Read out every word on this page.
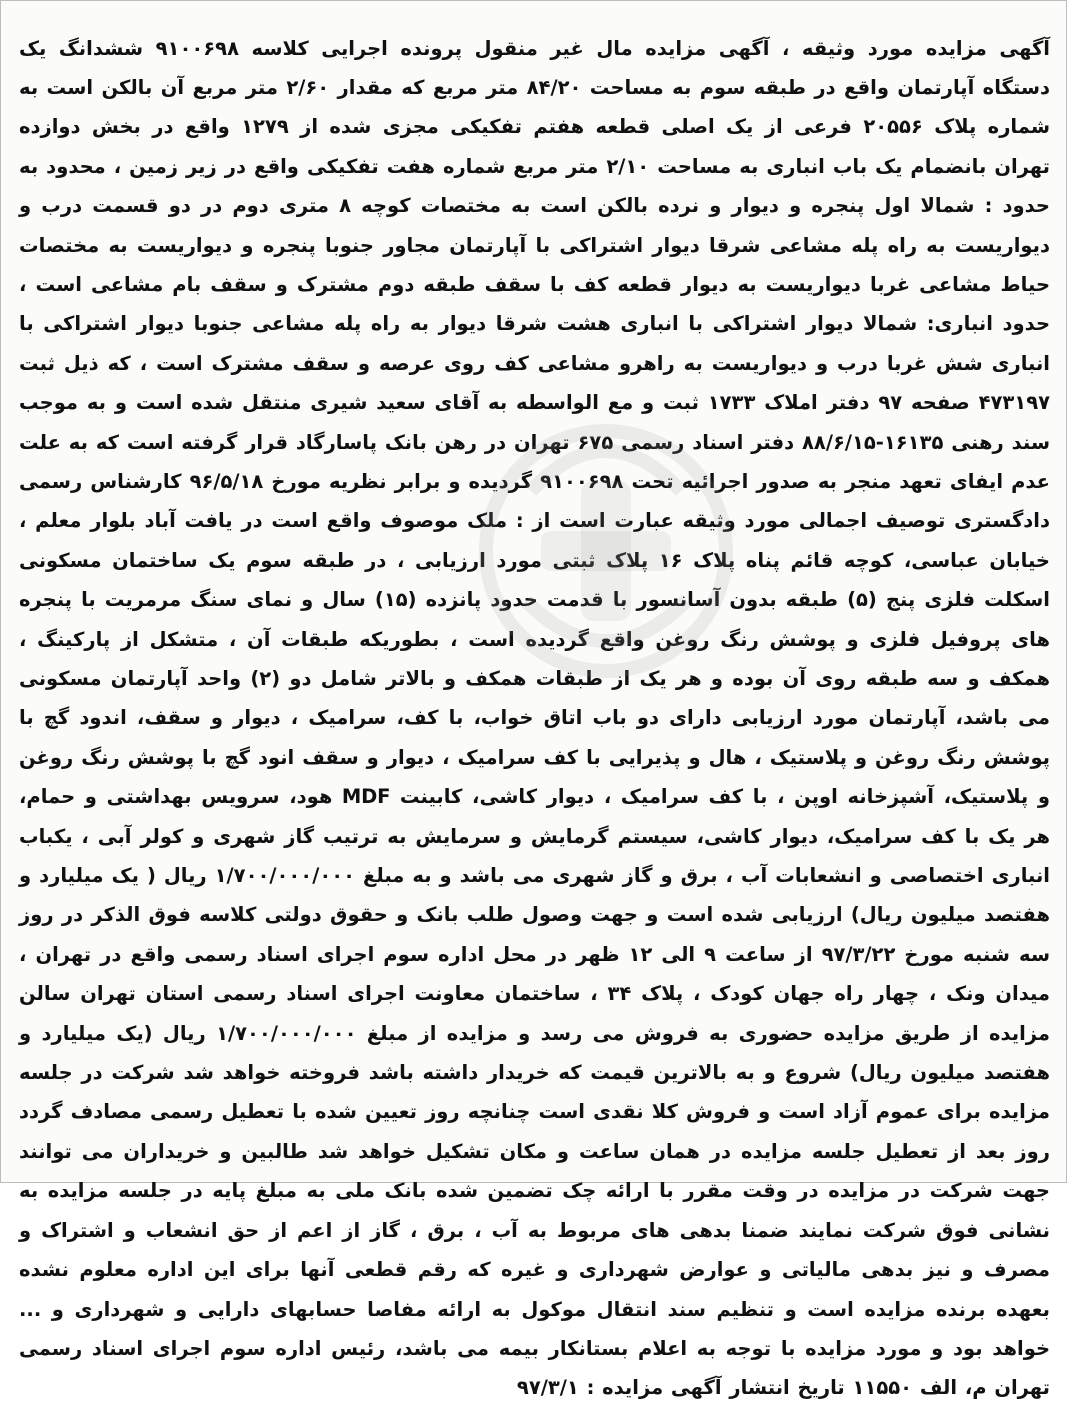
آگهی مزایده مورد وثیقه ، آگهی مزایده مال غیر منقول پرونده اجرایی کلاسه ۹۱۰۰۶۹۸ ششدانگ یک دستگاه آپارتمان واقع در طبقه سوم به مساحت ۸۴/۲۰ متر مربع که مقدار ۲/۶۰ متر مربع آن بالکن است به شماره پلاک ۲۰۵۵۶ فرعی از یک اصلی قطعه هفتم تفکیکی مجزی شده از ۱۲۷۹ واقع در بخش دوازده تهران بانضمام یک باب انباری به مساحت ۲/۱۰ متر مربع شماره هفت تفکیکی واقع در زیر زمین ، محدود به حدود : شمالا اول پنجره و دیوار و نرده بالکن است به مختصات کوچه ۸ متری دوم در دو قسمت درب و دیواریست به راه پله مشاعی شرقا دیوار اشتراکی با آپارتمان مجاور جنوبا پنجره و دیواریست به مختصات حیاط مشاعی غربا دیواریست به دیوار قطعه کف با سقف طبقه دوم مشترک و سقف بام مشاعی است ، حدود انباری: شمالا دیوار اشتراکی با انباری هشت شرقا دیوار به راه پله مشاعی جنوبا دیوار اشتراکی با انباری شش غربا درب و دیواریست به راهرو مشاعی کف روی عرصه و سقف مشترک است ، که ذیل ثبت ۴۷۳۱۹۷ صفحه ۹۷ دفتر املاک ۱۷۳۳ ثبت و مع الواسطه به آقای سعید شیری منتقل شده است و به موجب سند رهنی ۱۶۱۳۵-۸۸/۶/۱۵ دفتر اسناد رسمی ۶۷۵ تهران در رهن بانک پاسارگاد قرار گرفته است که به علت عدم ایفای تعهد منجر به صدور اجرائیه تحت ۹۱۰۰۶۹۸ گردیده و برابر نظریه مورخ ۹۶/۵/۱۸ کارشناس رسمی دادگستری توصیف اجمالی مورد وثیقه عبارت است از : ملک موصوف واقع است در یافت آباد بلوار معلم ، خیابان عباسی، کوچه قائم پناه پلاک ۱۶ پلاک ثبتی مورد ارزیابی ، در طبقه سوم یک ساختمان مسکونی اسکلت فلزی پنج (۵) طبقه بدون آسانسور با قدمت حدود پانزده (۱۵) سال و نمای سنگ مرمریت با پنجره های پروفیل فلزی و پوشش رنگ روغن واقع گردیده است ، بطوریکه طبقات آن ، متشکل از پارکینگ ، همکف و سه طبقه روی آن بوده و هر یک از طبقات همکف و بالاتر شامل دو (۲) واحد آپارتمان مسکونی می باشد، آپارتمان مورد ارزیابی دارای دو باب اتاق خواب، با کف، سرامیک ، دیوار و سقف، اندود گچ با پوشش رنگ روغن و پلاستیک ، هال و پذیرایی با کف سرامیک ، دیوار و سقف انود گچ با پوشش رنگ روغن و پلاستیک، آشپزخانه اوپن ، با کف سرامیک ، دیوار کاشی، کابینت MDF هود، سرویس بهداشتی و حمام، هر یک با کف سرامیک، دیوار کاشی، سیستم گرمایش و سرمایش به ترتیب گاز شهری و کولر آبی ، یکباب انباری اختصاصی و انشعابات آب ، برق و گاز شهری می باشد و به مبلغ ۱/۷۰۰/۰۰۰/۰۰۰ ریال ( یک میلیارد و هفتصد میلیون ریال) ارزیابی شده است و جهت وصول طلب بانک و حقوق دولتی کلاسه فوق الذکر در روز سه شنبه مورخ ۹۷/۳/۲۲ از ساعت ۹ الی ۱۲ ظهر در محل اداره سوم اجرای اسناد رسمی واقع در تهران ، میدان ونک ، چهار راه جهان کودک ، پلاک ۳۴ ، ساختمان معاونت اجرای اسناد رسمی استان تهران سالن مزایده از طریق مزایده حضوری به فروش می رسد و مزایده از مبلغ ۱/۷۰۰/۰۰۰/۰۰۰ ریال (یک میلیارد و هفتصد میلیون ریال) شروع و به بالاترین قیمت که خریدار داشته باشد فروخته خواهد شد شرکت در جلسه مزایده برای عموم آزاد است و فروش کلا نقدی است چنانچه روز تعیین شده با تعطیل رسمی مصادف گردد روز بعد از تعطیل جلسه مزایده در همان ساعت و مکان تشکیل خواهد شد طالبین و خریداران می توانند جهت شرکت در مزایده در وقت مقرر با ارائه چک تضمین شده بانک ملی به مبلغ پایه در جلسه مزایده به نشانی فوق شرکت نمایند ضمنا بدهی های مربوط به آب ، برق ، گاز از اعم از حق انشعاب و اشتراک و مصرف و نیز بدهی مالیاتی و عوارض شهرداری و غیره که رقم قطعی آنها برای این اداره معلوم نشده بعهده برنده مزایده است و تنظیم سند انتقال موکول به ارائه مفاصا حسابهای دارایی و شهرداری و ... خواهد بود و مورد مزایده با توجه به اعلام بستانکار بیمه می باشد، رئیس اداره سوم اجرای اسناد رسمی تهران م، الف ۱۱۵۵۰ تاریخ انتشار آگهی مزایده : ۹۷/۳/۱
